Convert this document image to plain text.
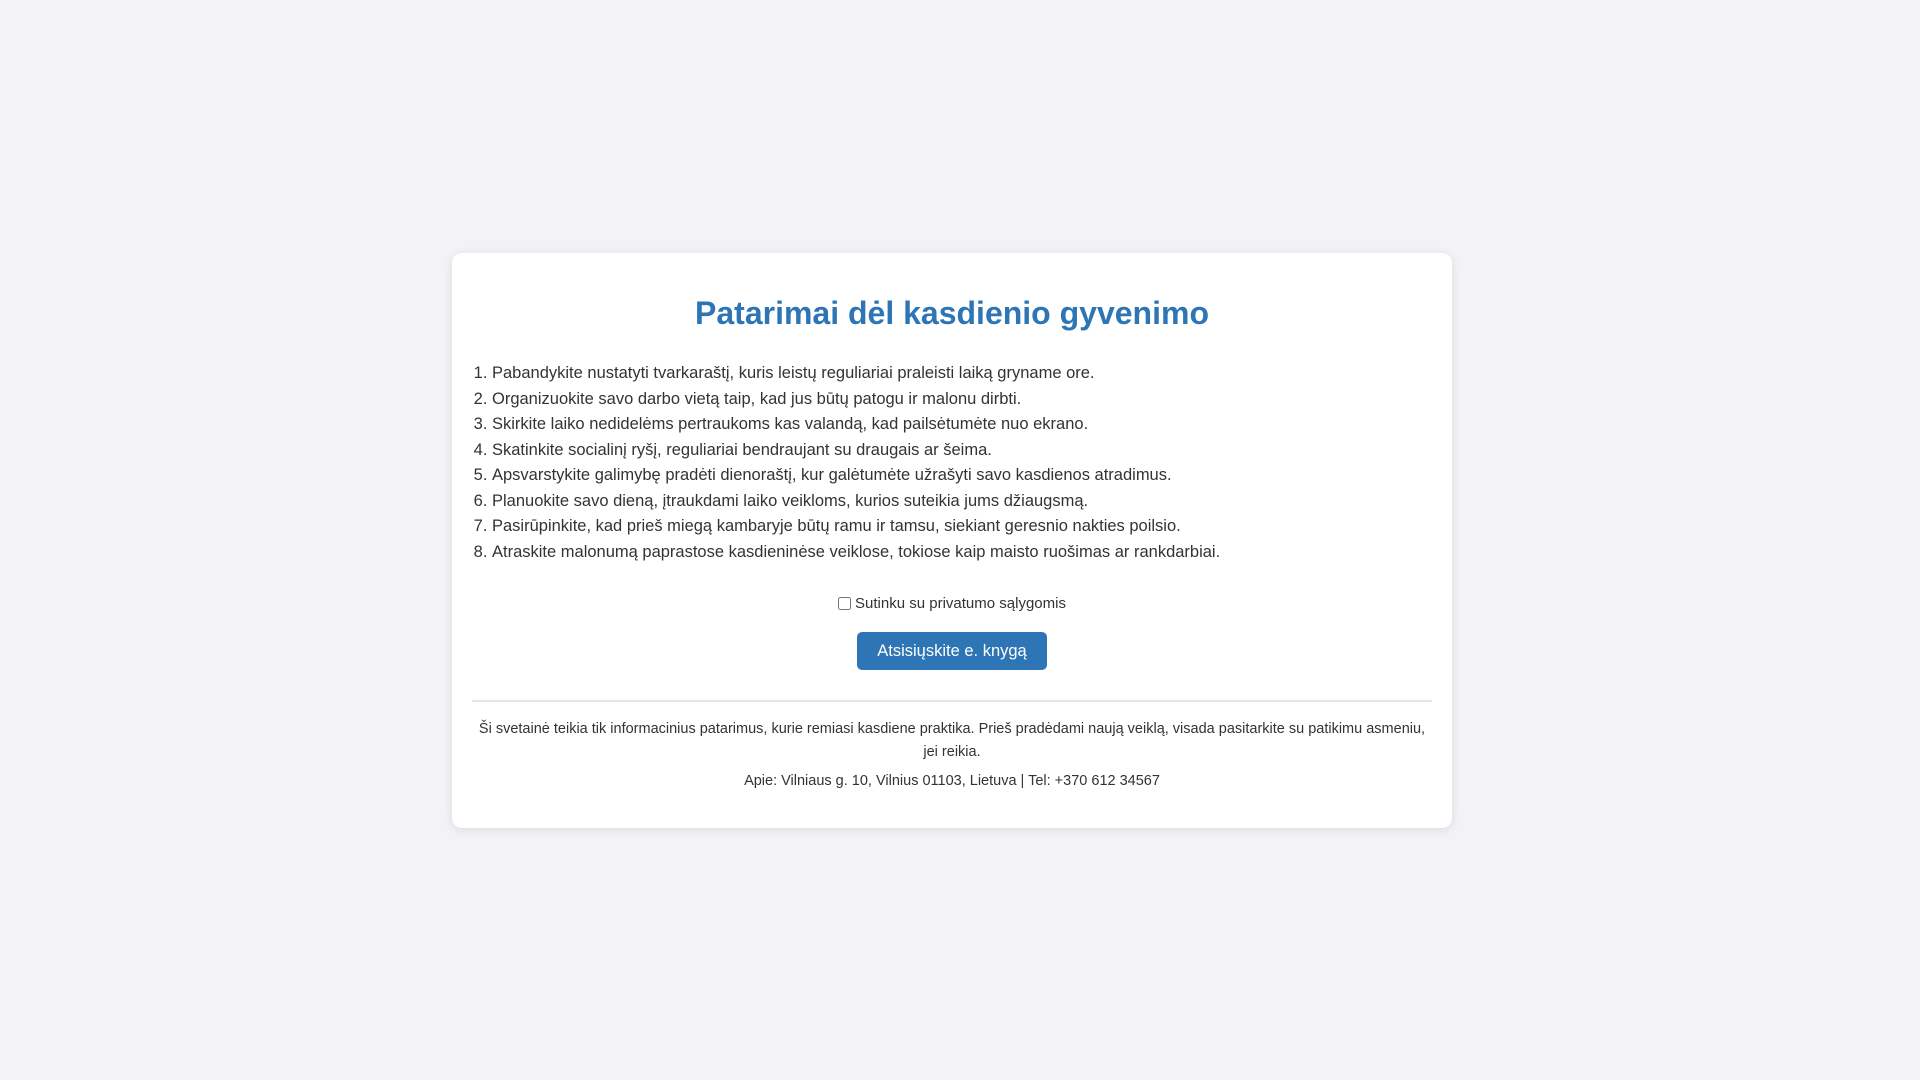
Patarimai dėl kasdienio gyvenimo
1. Pabandykite nustatyti tvarkaraštį, kuris leistų reguliariai praleisti laiką gryname ore.
2. Organizuokite savo darbo vietą taip, kad jus būtų patogu ir malonu dirbti.
3. Skirkite laiko nedidelėms pertraukoms kas valandą, kad pailsėtumėte nuo ekrano.
4. Skatinkite socialinį ryšį, reguliariai bendraujant su draugais ar šeima.
5. Apsvarstykite galimybę pradėti dienoraštį, kur galėtumėte užrašyti savo kasdienos atradimus.
6. Planuokite savo dieną, įtraukdami laiko veikloms, kurios suteikia jums džiaugsmą.
7. Pasirūpinkite, kad prieš miegą kambaryje būtų ramu ir tamsu, siekiant geresnio nakties poilsio.
8. Atraskite malonumą paprastose kasdieninėse veiklose, tokiose kaip maisto ruošimas ar rankdarbiai.
Sutinku su privatumo sąlygomis
Atsisiųskite e. knygą

Ši svetainė teikia tik informacinius patarimus, kurie remiasi kasdiene praktika. Prieš pradėdami naują veiklą, visada pasitarkite su patikimu asmeniu, jei reikia.

Apie: Vilniaus g. 10, Vilnius 01103, Lietuva | Tel: +370 612 34567
